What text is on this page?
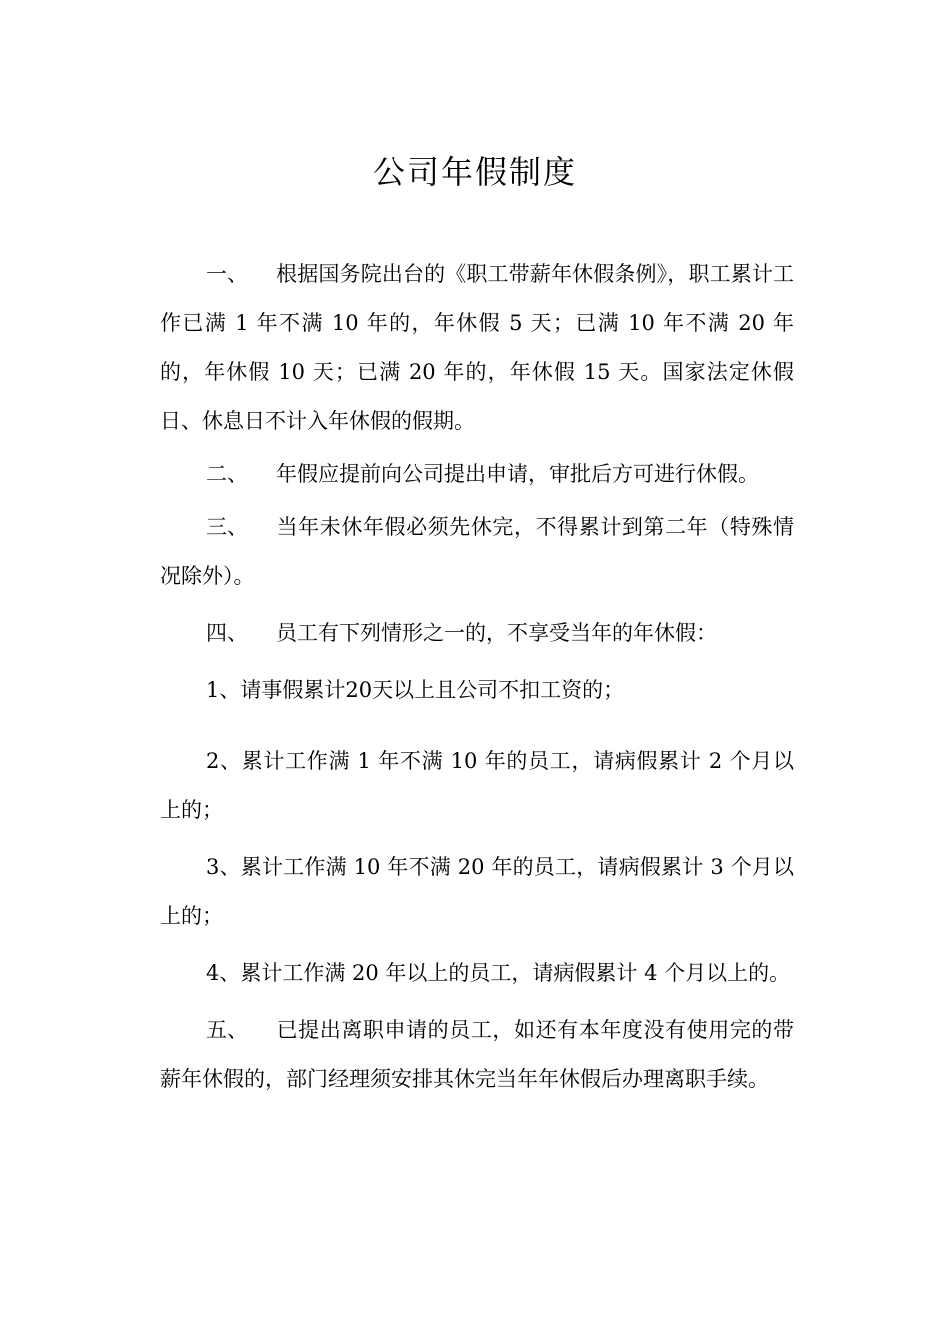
公司年假制度

一、 根据国务院出台的《职工带薪年休假条例》，职工累计工作已满 1 年不满 10 年的，年休假 5 天；已满 10 年不满 20 年的，年休假 10 天；已满 20 年的，年休假 15 天。国家法定休假日、休息日不计入年休假的假期。

二、 年假应提前向公司提出申请，审批后方可进行休假。

三、 当年未休年假必须先休完，不得累计到第二年（特殊情况除外）。

四、 员工有下列情形之一的，不享受当年的年休假：

1、请事假累计20天以上且公司不扣工资的；

2、累计工作满 1 年不满 10 年的员工，请病假累计 2 个月以上的；

3、累计工作满 10 年不满 20 年的员工，请病假累计 3 个月以上的；

4、累计工作满 20 年以上的员工，请病假累计 4 个月以上的。

五、 已提出离职申请的员工，如还有本年度没有使用完的带薪年休假的，部门经理须安排其休完当年年休假后办理离职手续。
